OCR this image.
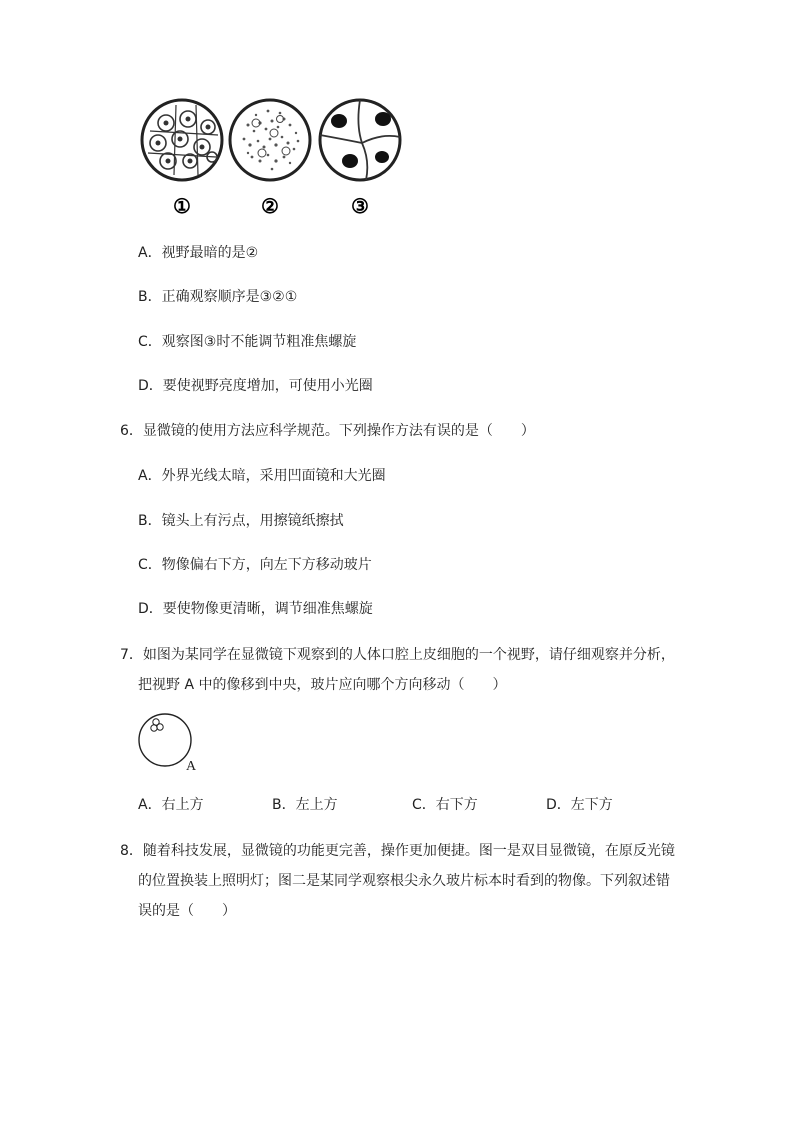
①	②	③
A．视野最暗的是②
B．正确观察顺序是③②①
C．观察图③时不能调节粗准焦螺旋
D．要使视野亮度增加，可使用小光圈
6．显微镜的使用方法应科学规范。下列操作方法有误的是（　　）
A．外界光线太暗，采用凹面镜和大光圈
B．镜头上有污点，用擦镜纸擦拭
C．物像偏右下方，向左下方移动玻片
D．要使物像更清晰，调节细准焦螺旋
7．如图为某同学在显微镜下观察到的人体口腔上皮细胞的一个视野，请仔细观察并分析，
把视野 A 中的像移到中央，玻片应向哪个方向移动（　　）
A
A．右上方	B．左上方	C．右下方	D．左下方
8．随着科技发展，显微镜的功能更完善，操作更加便捷。图一是双目显微镜，在原反光镜
的位置换装上照明灯；图二是某同学观察根尖永久玻片标本时看到的物像。下列叙述错
误的是（　　）
